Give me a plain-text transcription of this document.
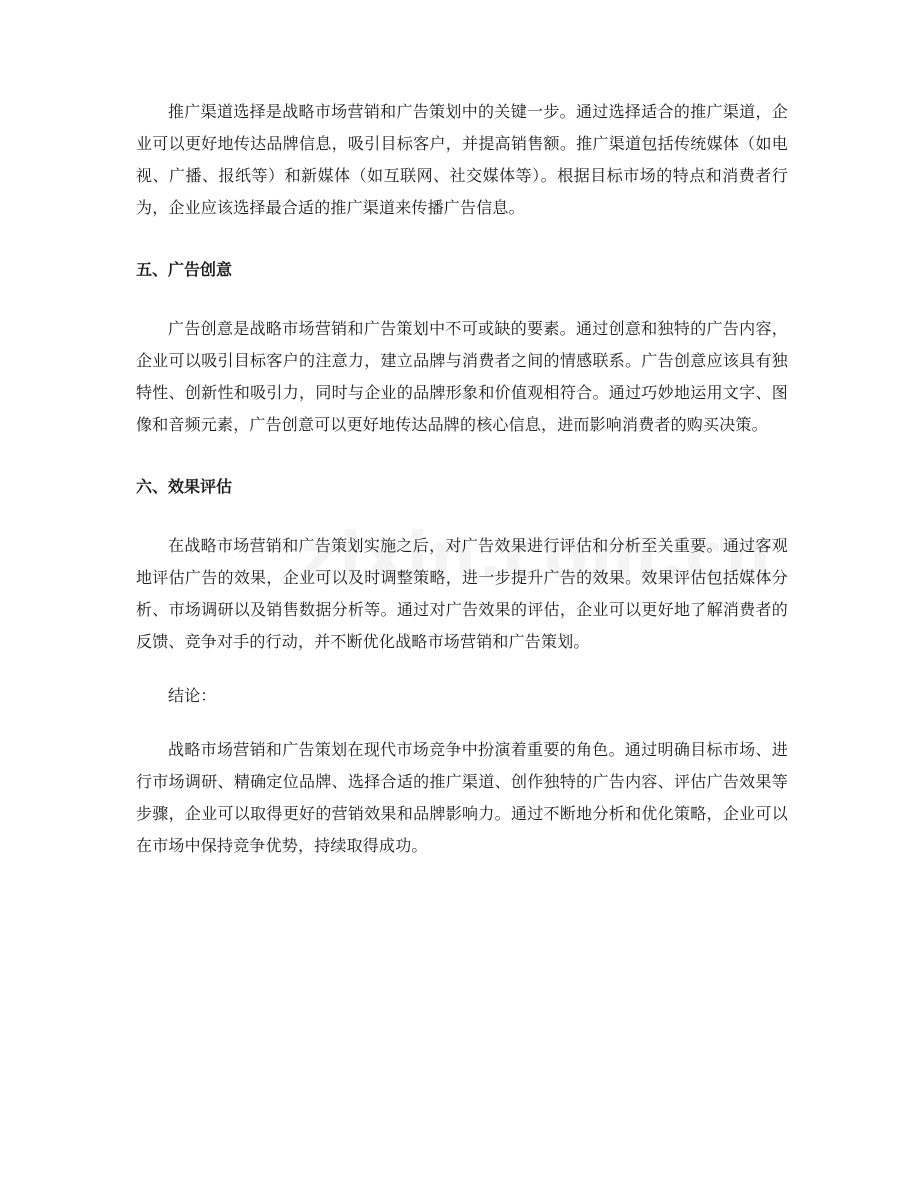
推广渠道选择是战略市场营销和广告策划中的关键一步。通过选择适合的推广渠道，企业可以更好地传达品牌信息，吸引目标客户，并提高销售额。推广渠道包括传统媒体（如电视、广播、报纸等）和新媒体（如互联网、社交媒体等）。根据目标市场的特点和消费者行为，企业应该选择最合适的推广渠道来传播广告信息。

五、广告创意

广告创意是战略市场营销和广告策划中不可或缺的要素。通过创意和独特的广告内容，企业可以吸引目标客户的注意力，建立品牌与消费者之间的情感联系。广告创意应该具有独特性、创新性和吸引力，同时与企业的品牌形象和价值观相符合。通过巧妙地运用文字、图像和音频元素，广告创意可以更好地传达品牌的核心信息，进而影响消费者的购买决策。

六、效果评估

在战略市场营销和广告策划实施之后，对广告效果进行评估和分析至关重要。通过客观地评估广告的效果，企业可以及时调整策略，进一步提升广告的效果。效果评估包括媒体分析、市场调研以及销售数据分析等。通过对广告效果的评估，企业可以更好地了解消费者的反馈、竞争对手的行动，并不断优化战略市场营销和广告策划。

结论：

战略市场营销和广告策划在现代市场竞争中扮演着重要的角色。通过明确目标市场、进行市场调研、精确定位品牌、选择合适的推广渠道、创作独特的广告内容、评估广告效果等步骤，企业可以取得更好的营销效果和品牌影响力。通过不断地分析和优化策略，企业可以在市场中保持竞争优势，持续取得成功。
